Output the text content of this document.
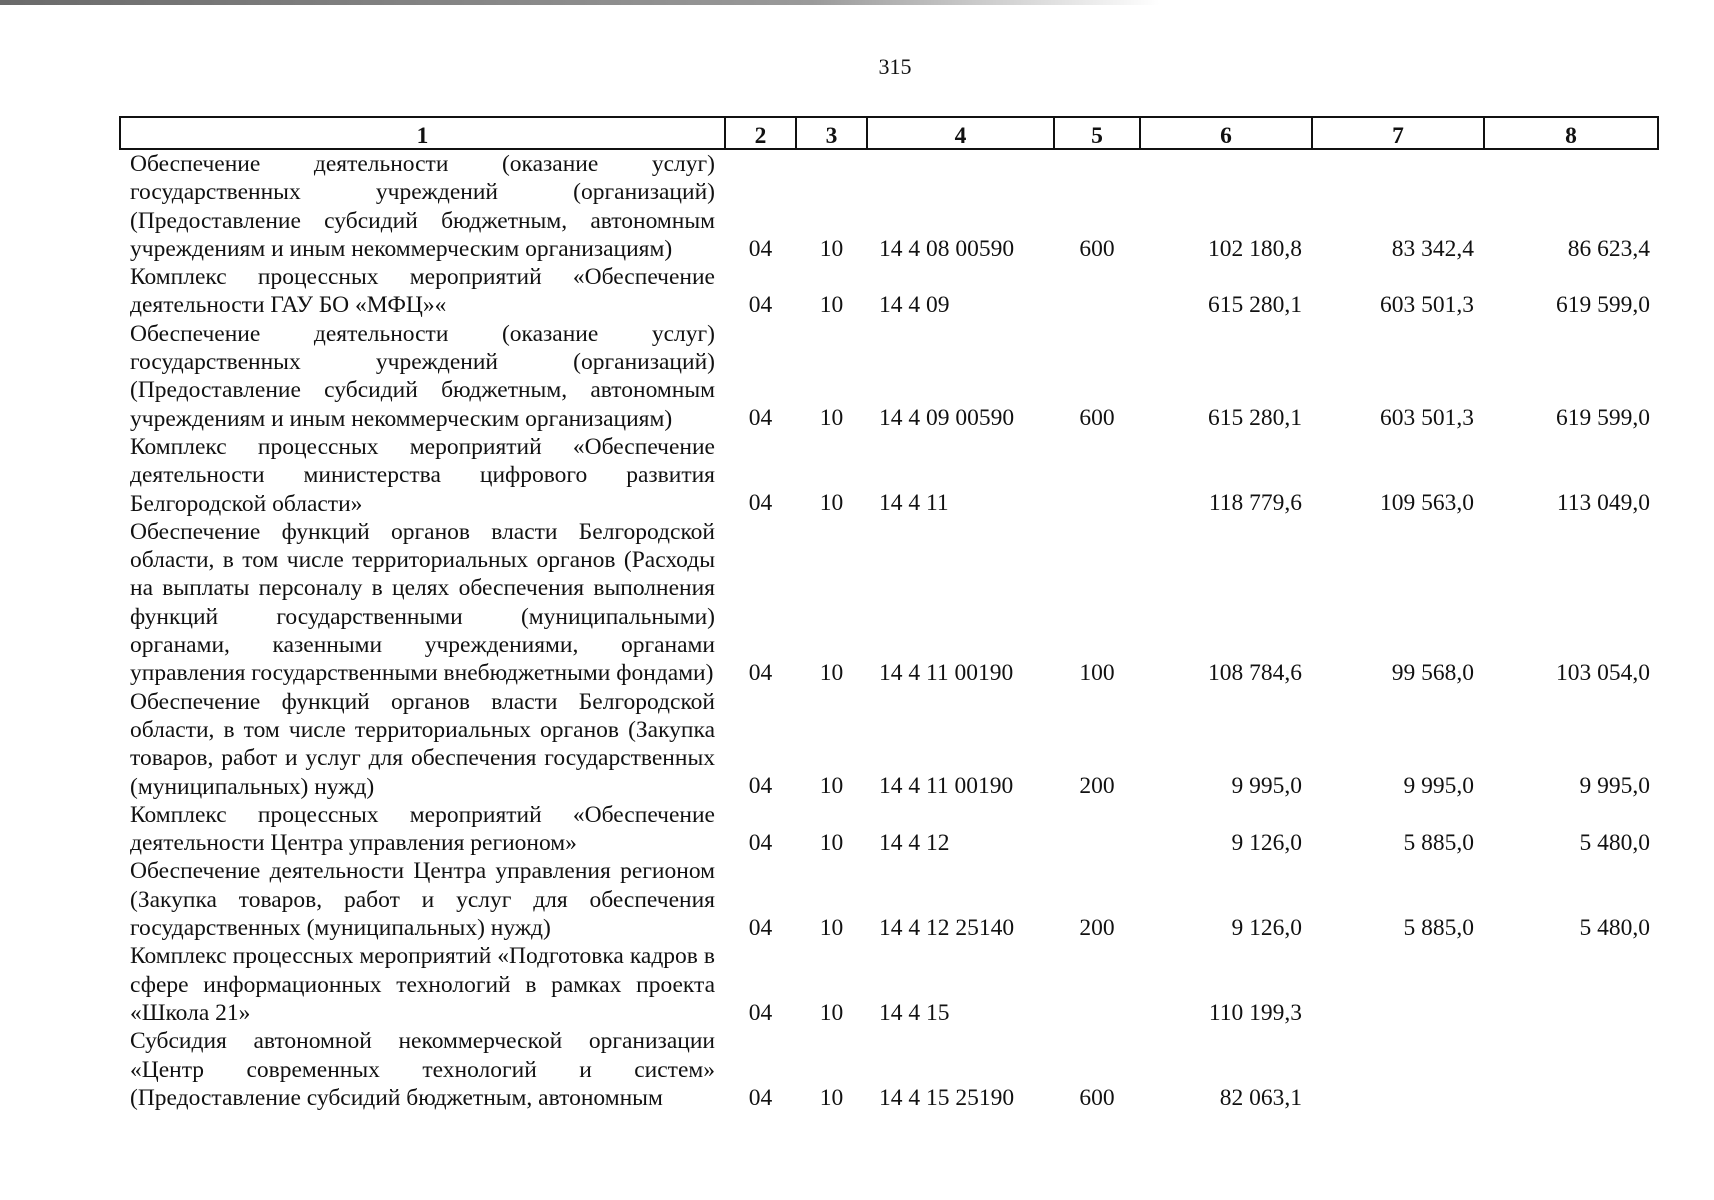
315
1	2	3	4	5	6	7	8
Обеспечение деятельности (оказание услуг) государственных учреждений (организаций) (Предоставление субсидий бюджетным, автономным учреждениям и иным некоммерческим организациям)	04	10	14 4 08 00590	600	102 180,8	83 342,4	86 623,4
Комплекс процессных мероприятий «Обеспечение деятельности ГАУ БО «МФЦ»«	04	10	14 4 09		615 280,1	603 501,3	619 599,0
Обеспечение деятельности (оказание услуг) государственных учреждений (организаций) (Предоставление субсидий бюджетным, автономным учреждениям и иным некоммерческим организациям)	04	10	14 4 09 00590	600	615 280,1	603 501,3	619 599,0
Комплекс процессных мероприятий «Обеспечение деятельности министерства цифрового развития Белгородской области»	04	10	14 4 11		118 779,6	109 563,0	113 049,0
Обеспечение функций органов власти Белгородской области, в том числе территориальных органов (Расходы на выплаты персоналу в целях обеспечения выполнения функций государственными (муниципальными) органами, казенными учреждениями, органами управления государственными внебюджетными фондами)	04	10	14 4 11 00190	100	108 784,6	99 568,0	103 054,0
Обеспечение функций органов власти Белгородской области, в том числе территориальных органов (Закупка товаров, работ и услуг для обеспечения государственных (муниципальных) нужд)	04	10	14 4 11 00190	200	9 995,0	9 995,0	9 995,0
Комплекс процессных мероприятий «Обеспечение деятельности Центра управления регионом»	04	10	14 4 12		9 126,0	5 885,0	5 480,0
Обеспечение деятельности Центра управления регионом (Закупка товаров, работ и услуг для обеспечения государственных (муниципальных) нужд)	04	10	14 4 12 25140	200	9 126,0	5 885,0	5 480,0
Комплекс процессных мероприятий «Подготовка кадров в сфере информационных технологий в рамках проекта «Школа 21»	04	10	14 4 15		110 199,3		
Субсидия автономной некоммерческой организации «Центр современных технологий и систем» (Предоставление субсидий бюджетным, автономным	04	10	14 4 15 25190	600	82 063,1		
